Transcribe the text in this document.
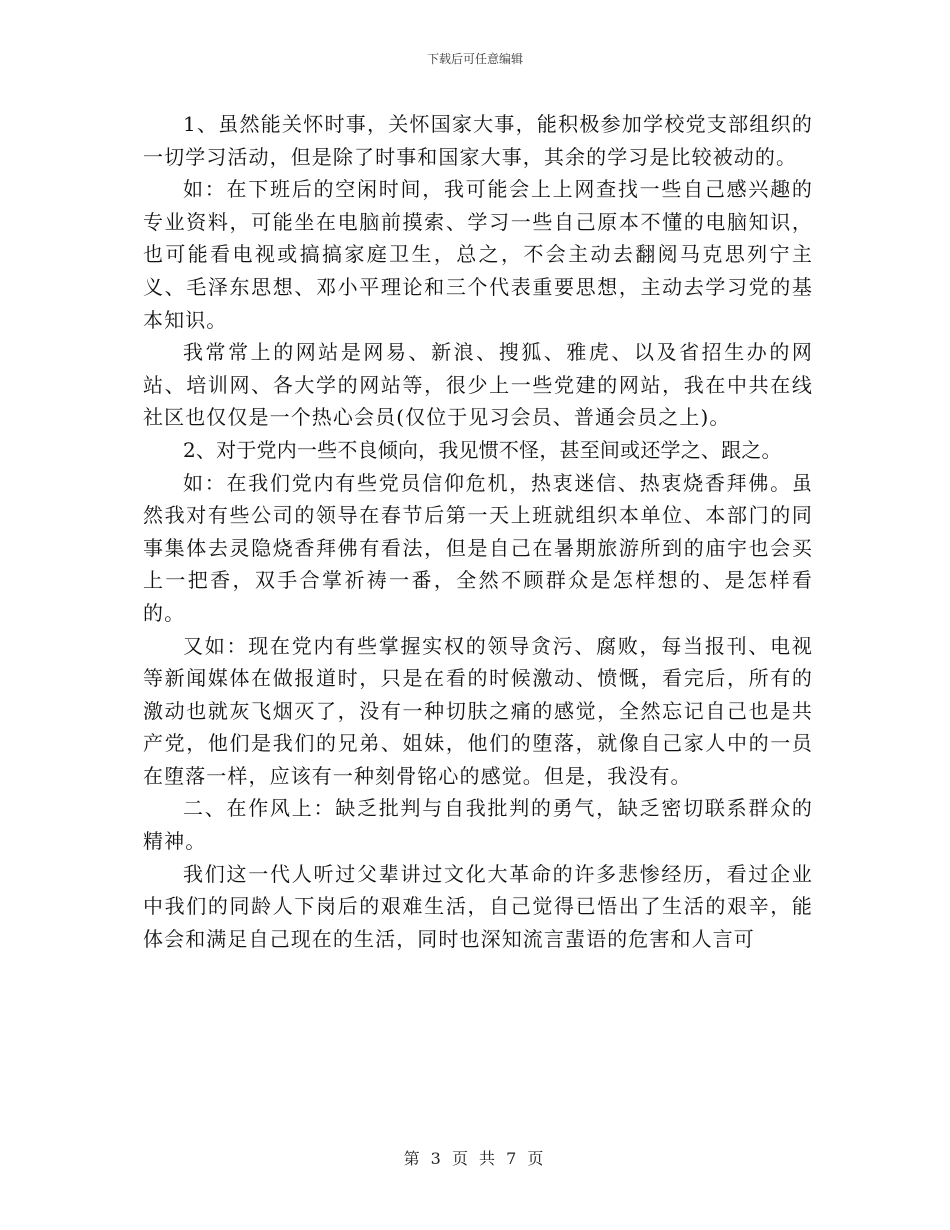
下载后可任意编辑

1、虽然能关怀时事，关怀国家大事，能积极参加学校党支部组织的一切学习活动，但是除了时事和国家大事，其余的学习是比较被动的。

如：在下班后的空闲时间，我可能会上上网查找一些自己感兴趣的专业资料，可能坐在电脑前摸索、学习一些自己原本不懂的电脑知识，也可能看电视或搞搞家庭卫生，总之，不会主动去翻阅马克思列宁主义、毛泽东思想、邓小平理论和三个代表重要思想，主动去学习党的基本知识。

我常常上的网站是网易、新浪、搜狐、雅虎、以及省招生办的网站、培训网、各大学的网站等，很少上一些党建的网站，我在中共在线社区也仅仅是一个热心会员(仅位于见习会员、普通会员之上)。

2、对于党内一些不良倾向，我见惯不怪，甚至间或还学之、跟之。

如：在我们党内有些党员信仰危机，热衷迷信、热衷烧香拜佛。虽然我对有些公司的领导在春节后第一天上班就组织本单位、本部门的同事集体去灵隐烧香拜佛有看法，但是自己在暑期旅游所到的庙宇也会买上一把香，双手合掌祈祷一番，全然不顾群众是怎样想的、是怎样看的。

又如：现在党内有些掌握实权的领导贪污、腐败，每当报刊、电视等新闻媒体在做报道时，只是在看的时候激动、愤慨，看完后，所有的激动也就灰飞烟灭了，没有一种切肤之痛的感觉，全然忘记自己也是共产党，他们是我们的兄弟、姐妹，他们的堕落，就像自己家人中的一员在堕落一样，应该有一种刻骨铭心的感觉。但是，我没有。

二、在作风上：缺乏批判与自我批判的勇气，缺乏密切联系群众的精神。

我们这一代人听过父辈讲过文化大革命的许多悲惨经历，看过企业中我们的同龄人下岗后的艰难生活，自己觉得已悟出了生活的艰辛，能体会和满足自己现在的生活，同时也深知流言蜚语的危害和人言可

第 3 页 共 7 页
